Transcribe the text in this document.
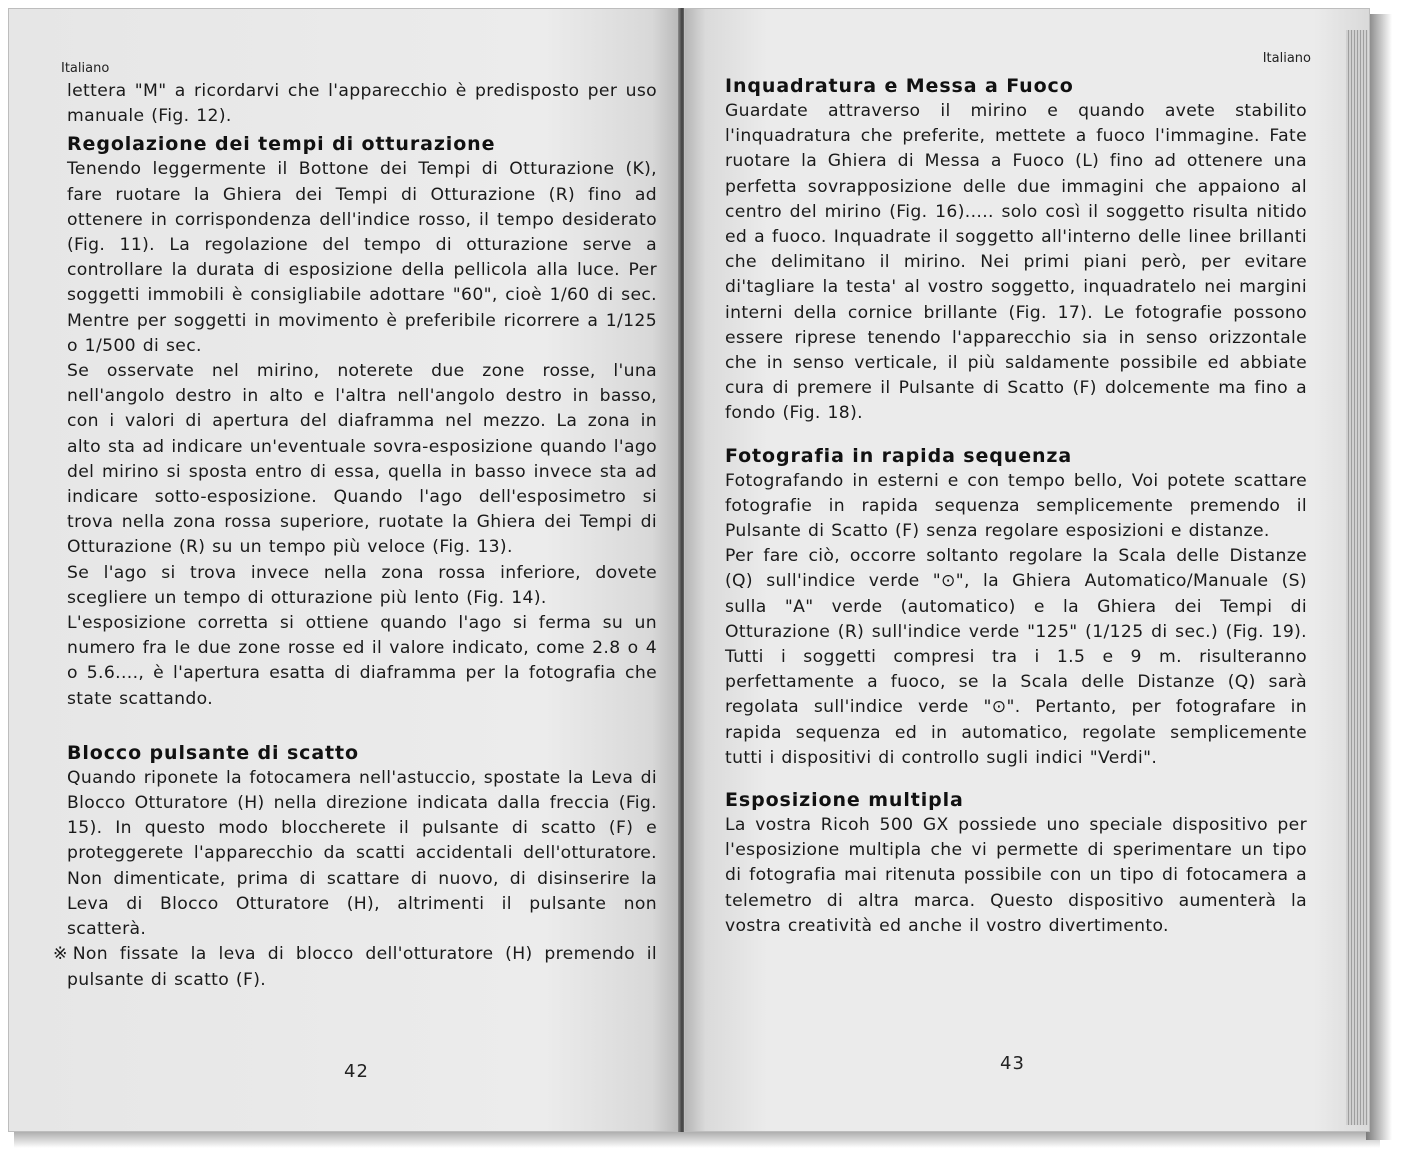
Italiano

lettera "M" a ricordarvi che l'apparecchio è predisposto per uso manuale (Fig. 12).

Regolazione dei tempi di otturazione

Tenendo leggermente il Bottone dei Tempi di Otturazione (K), fare ruotare la Ghiera dei Tempi di Otturazione (R) fino ad ottenere in corrispondenza dell'indice rosso, il tempo desiderato (Fig. 11). La regolazione del tempo di otturazione serve a controllare la durata di esposizione della pellicola alla luce. Per soggetti immobili è consigliabile adottare "60", cioè 1/60 di sec. Mentre per soggetti in movimento è preferibile ricorrere a 1/125 o 1/500 di sec.

Se osservate nel mirino, noterete due zone rosse, l'una nell'angolo destro in alto e l'altra nell'angolo destro in basso, con i valori di apertura del diaframma nel mezzo. La zona in alto sta ad indicare un'eventuale sovra-esposizione quando l'ago del mirino si sposta entro di essa, quella in basso invece sta ad indicare sotto-esposizione. Quando l'ago dell'esposimetro si trova nella zona rossa superiore, ruotate la Ghiera dei Tempi di Otturazione (R) su un tempo più veloce (Fig. 13).

Se l'ago si trova invece nella zona rossa inferiore, dovete scegliere un tempo di otturazione più lento (Fig. 14).

L'esposizione corretta si ottiene quando l'ago si ferma su un numero fra le due zone rosse ed il valore indicato, come 2.8 o 4 o 5.6...., è l'apertura esatta di diaframma per la fotografia che state scattando.

Blocco pulsante di scatto

Quando riponete la fotocamera nell'astuccio, spostate la Leva di Blocco Otturatore (H) nella direzione indicata dalla freccia (Fig. 15). In questo modo bloccherete il pulsante di scatto (F) e proteggerete l'apparecchio da scatti accidentali dell'otturatore. Non dimenticate, prima di scattare di nuovo, di disinserire la Leva di Blocco Otturatore (H), altrimenti il pulsante non scatterà.

※Non fissate la leva di blocco dell'otturatore (H) premendo il pulsante di scatto (F).

42
Italiano
Inquadratura e Messa a Fuoco

Guardate attraverso il mirino e quando avete stabilito l'inquadratura che preferite, mettete a fuoco l'immagine. Fate ruotare la Ghiera di Messa a Fuoco (L) fino ad ottenere una perfetta sovrapposizione delle due immagini che appaiono al centro del mirino (Fig. 16)..... solo così il soggetto risulta nitido ed a fuoco. Inquadrate il soggetto all'interno delle linee brillanti che delimitano il mirino. Nei primi piani però, per evitare di'tagliare la testa' al vostro soggetto, inquadratelo nei margini interni della cornice brillante (Fig. 17). Le fotografie possono essere riprese tenendo l'apparecchio sia in senso orizzontale che in senso verticale, il più saldamente possibile ed abbiate cura di premere il Pulsante di Scatto (F) dolcemente ma fino a fondo (Fig. 18).

Fotografia in rapida sequenza

Fotografando in esterni e con tempo bello, Voi potete scattare fotografie in rapida sequenza semplicemente premendo il Pulsante di Scatto (F) senza regolare esposizioni e distanze.

Per fare ciò, occorre soltanto regolare la Scala delle Distanze (Q) sull'indice verde "⊙", la Ghiera Automatico/Manuale (S) sulla "A" verde (automatico) e la Ghiera dei Tempi di Otturazione (R) sull'indice verde "125" (1/125 di sec.) (Fig. 19). Tutti i soggetti compresi tra i 1.5 e 9 m. risulteranno perfettamente a fuoco, se la Scala delle Distanze (Q) sarà regolata sull'indice verde "⊙". Pertanto, per fotografare in rapida sequenza ed in automatico, regolate semplicemente tutti i dispositivi di controllo sugli indici "Verdi".

Esposizione multipla

La vostra Ricoh 500 GX possiede uno speciale dispositivo per l'esposizione multipla che vi permette di sperimentare un tipo di fotografia mai ritenuta possibile con un tipo di fotocamera a telemetro di altra marca. Questo dispositivo aumenterà la vostra creatività ed anche il vostro divertimento.

43
